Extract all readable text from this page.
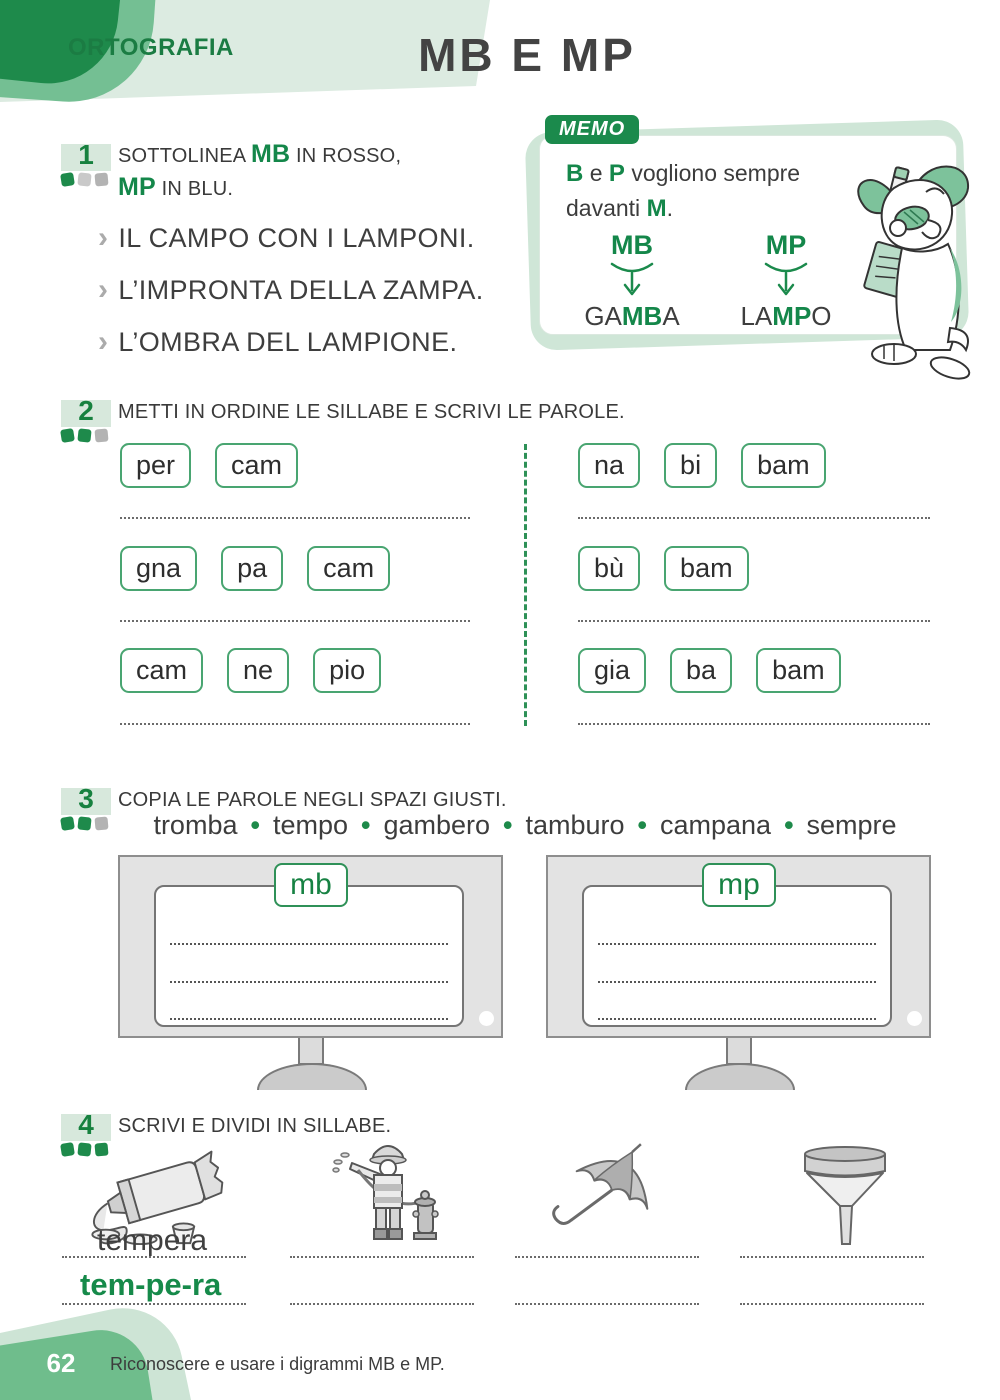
ORTOGRAFIA	MB E MP
1	SOTTOLINEA MB IN ROSSO,
MP IN BLU.
› IL CAMPO CON I LAMPONI.
› L’IMPRONTA DELLA ZAMPA.
› L’OMBRA DEL LAMPIONE.
MEMO
B e P vogliono sempre
davanti M.
MB
GAMBA
MP
LAMPO
2	METTI IN ORDINE LE SILLABE E SCRIVI LE PAROLE.
per	cam
gna	pa	cam
cam	ne	pio
na	bi	bam
bù	bam
gia	ba	bam
3	COPIA LE PAROLE NEGLI SPAZI GIUSTI.
tromba • tempo • gambero • tamburo • campana • sempre
mb	mp
4	SCRIVI E DIVIDI IN SILLABE.
tempera
tem-pe-ra
62	Riconoscere e usare i digrammi MB e MP.
